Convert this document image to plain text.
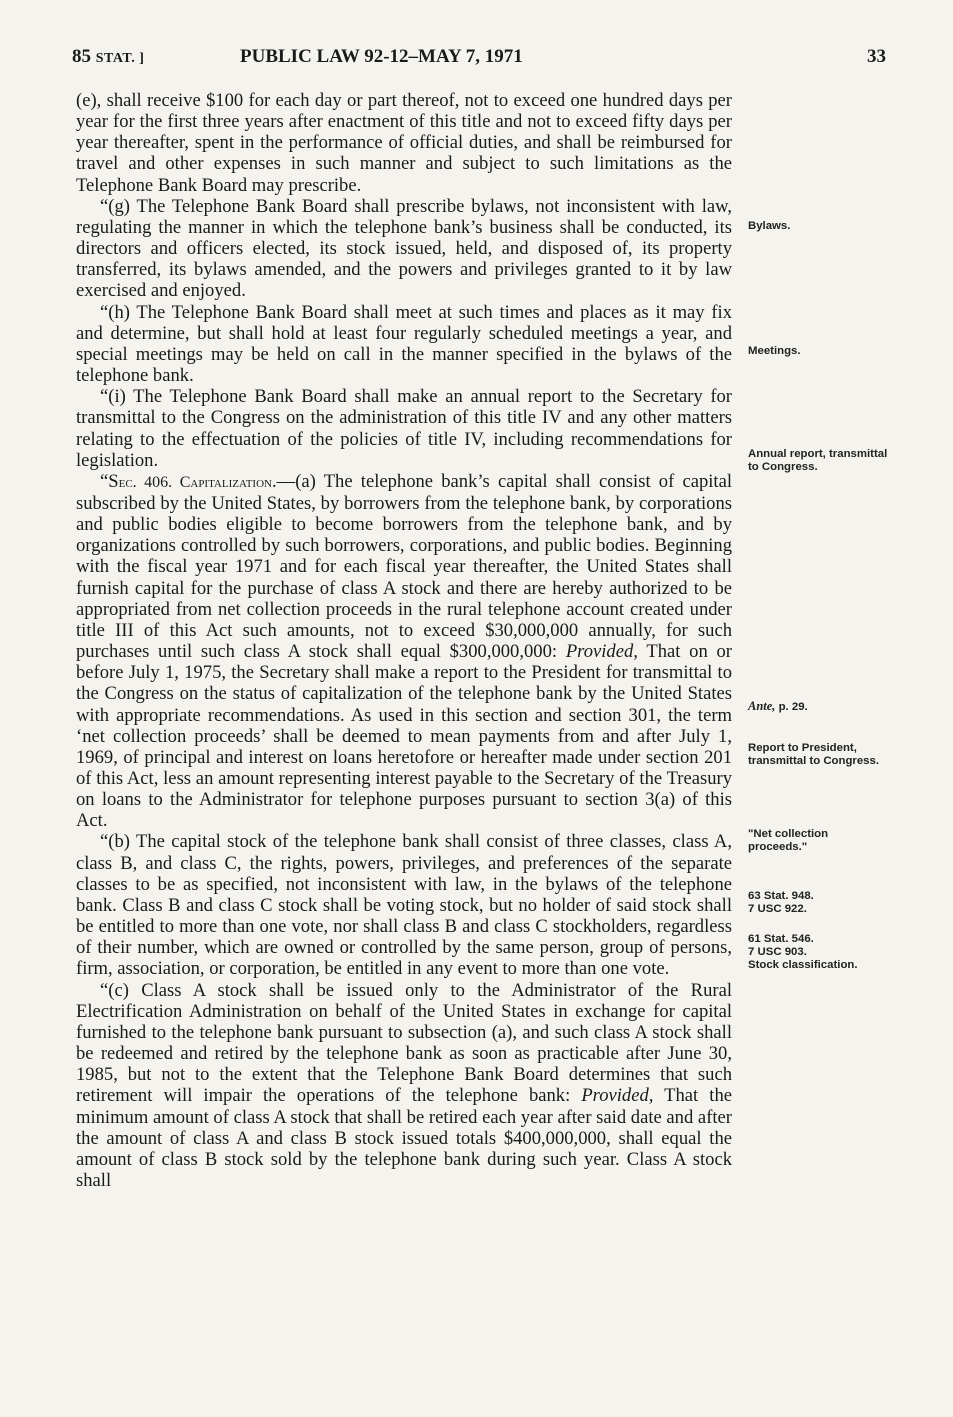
85 STAT. ]	PUBLIC LAW 92-12–MAY 7, 1971	33

(e), shall receive $100 for each day or part thereof, not to exceed one hundred days per year for the first three years after enactment of this title and not to exceed fifty days per year thereafter, spent in the performance of official duties, and shall be reimbursed for travel and other expenses in such manner and subject to such limitations as the Telephone Bank Board may prescribe.

“(g) The Telephone Bank Board shall prescribe bylaws, not inconsistent with law, regulating the manner in which the telephone bank’s business shall be conducted, its directors and officers elected, its stock issued, held, and disposed of, its property transferred, its bylaws amended, and the powers and privileges granted to it by law exercised and enjoyed.

“(h) The Telephone Bank Board shall meet at such times and places as it may fix and determine, but shall hold at least four regularly scheduled meetings a year, and special meetings may be held on call in the manner specified in the bylaws of the telephone bank.

“(i) The Telephone Bank Board shall make an annual report to the Secretary for transmittal to the Congress on the administration of this title IV and any other matters relating to the effectuation of the policies of title IV, including recommendations for legislation.

“Sec. 406. Capitalization.—(a) The telephone bank’s capital shall consist of capital subscribed by the United States, by borrowers from the telephone bank, by corporations and public bodies eligible to become borrowers from the telephone bank, and by organizations controlled by such borrowers, corporations, and public bodies. Beginning with the fiscal year 1971 and for each fiscal year thereafter, the United States shall furnish capital for the purchase of class A stock and there are hereby authorized to be appropriated from net collection proceeds in the rural telephone account created under title III of this Act such amounts, not to exceed $30,000,000 annually, for such purchases until such class A stock shall equal $300,000,000: Provided, That on or before July 1, 1975, the Secretary shall make a report to the President for transmittal to the Congress on the status of capitalization of the telephone bank by the United States with appropriate recommendations. As used in this section and section 301, the term ‘net collection proceeds’ shall be deemed to mean payments from and after July 1, 1969, of principal and interest on loans heretofore or hereafter made under section 201 of this Act, less an amount representing interest payable to the Secretary of the Treasury on loans to the Administrator for telephone purposes pursuant to section 3(a) of this Act.

“(b) The capital stock of the telephone bank shall consist of three classes, class A, class B, and class C, the rights, powers, privileges, and preferences of the separate classes to be as specified, not inconsistent with law, in the bylaws of the telephone bank. Class B and class C stock shall be voting stock, but no holder of said stock shall be entitled to more than one vote, nor shall class B and class C stockholders, regardless of their number, which are owned or controlled by the same person, group of persons, firm, association, or corporation, be entitled in any event to more than one vote.

“(c) Class A stock shall be issued only to the Administrator of the Rural Electrification Administration on behalf of the United States in exchange for capital furnished to the telephone bank pursuant to subsection (a), and such class A stock shall be redeemed and retired by the telephone bank as soon as practicable after June 30, 1985, but not to the extent that the Telephone Bank Board determines that such retirement will impair the operations of the telephone bank: Provided, That the minimum amount of class A stock that shall be retired each year after said date and after the amount of class A and class B stock issued totals $400,000,000, shall equal the amount of class B stock sold by the telephone bank during such year. Class A stock shall

Bylaws.
Meetings.
Annual report, transmittal to Congress.
Ante, p. 29.
Report to President, transmittal to Congress.
"Net collection proceeds."
63 Stat. 948.
7 USC 922.
61 Stat. 546.
7 USC 903.
Stock classification.
